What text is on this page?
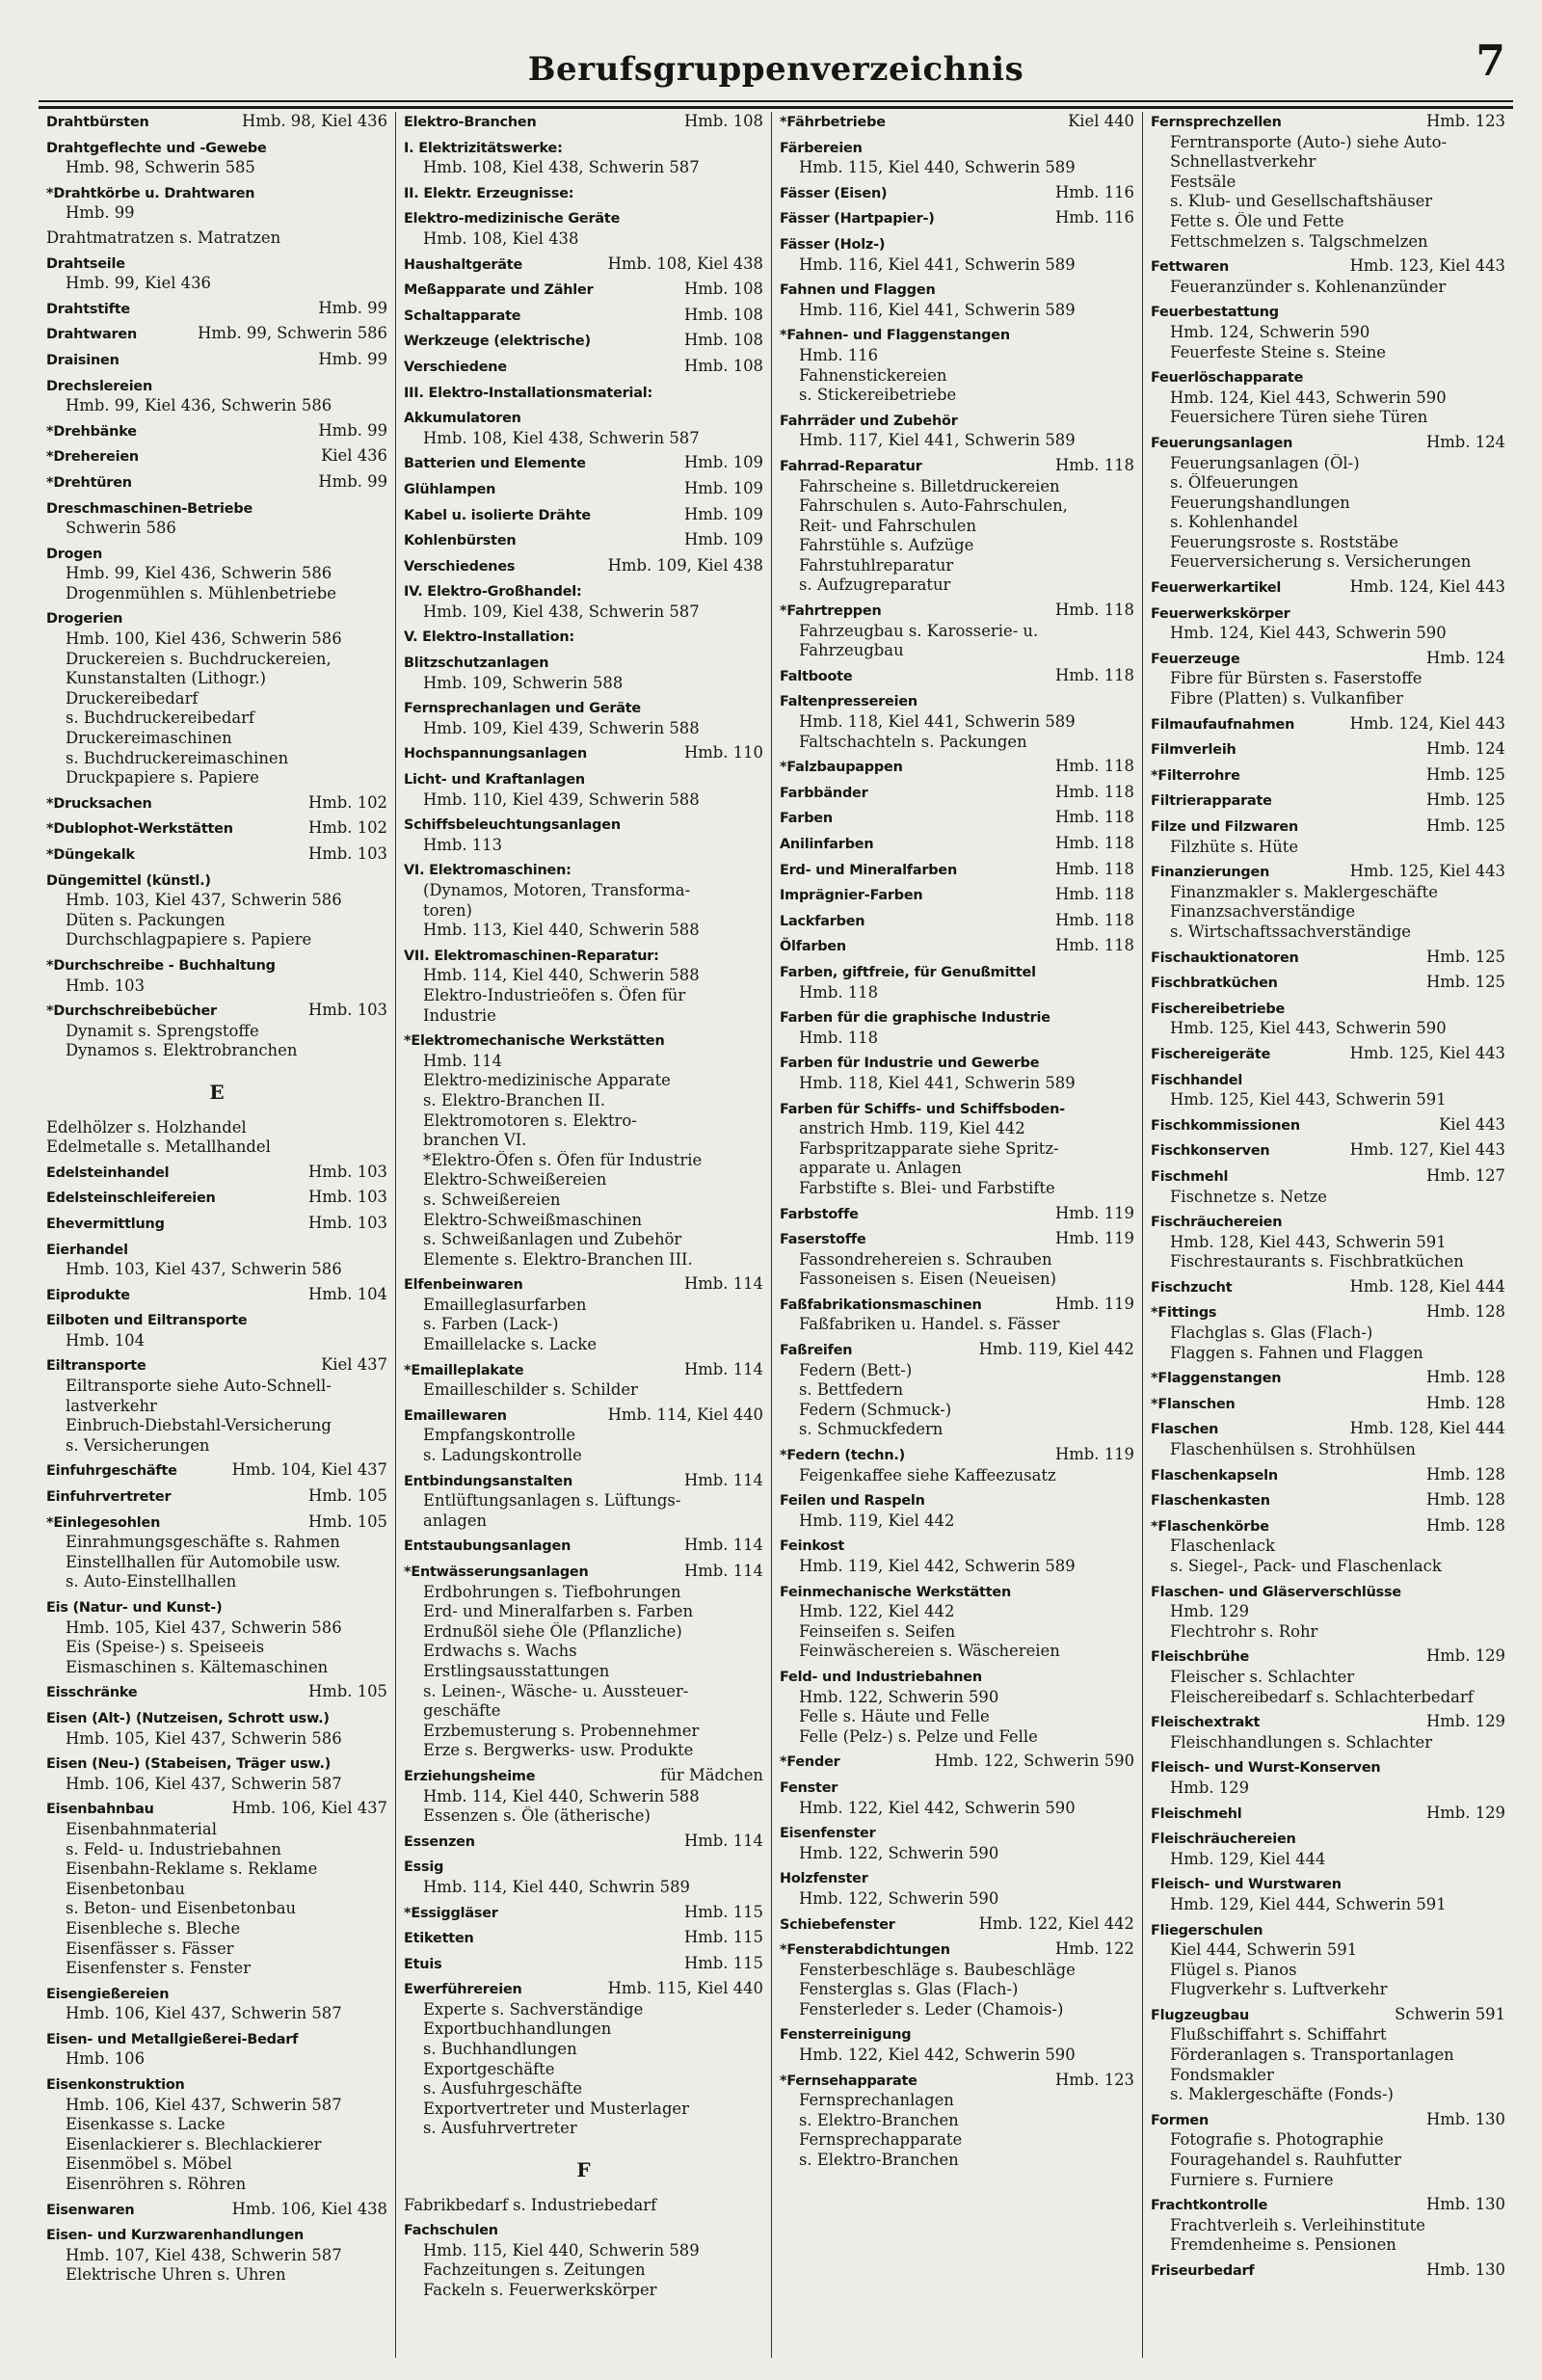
Berufsgruppenverzeichnis	7
Drahtbürsten	Hmb. 98, Kiel 436
Drahtgeflechte und -Gewebe
Hmb. 98, Schwerin 585
*Drahtkörbe u. Drahtwaren
Hmb. 99
Drahtmatratzen s. Matratzen
Drahtseile
Hmb. 99, Kiel 436
Drahtstifte	Hmb. 99
Drahtwaren	Hmb. 99, Schwerin 586
Draisinen	Hmb. 99
Drechslereien
Hmb. 99, Kiel 436, Schwerin 586
*Drehbänke	Hmb. 99
*Drehereien	Kiel 436
*Drehtüren	Hmb. 99
Dreschmaschinen-Betriebe
Schwerin 586
Drogen
Hmb. 99, Kiel 436, Schwerin 586
Drogenmühlen s. Mühlenbetriebe
Drogerien
Hmb. 100, Kiel 436, Schwerin 586
Druckereien s. Buchdruckereien,
Kunstanstalten (Lithogr.)
Druckereibedarf
s. Buchdruckereibedarf
Druckereimaschinen
s. Buchdruckereimaschinen
Druckpapiere s. Papiere
*Drucksachen	Hmb. 102
*Dublophot-Werkstätten	Hmb. 102
*Düngekalk	Hmb. 103
Düngemittel (künstl.)
Hmb. 103, Kiel 437, Schwerin 586
Düten s. Packungen
Durchschlagpapiere s. Papiere
*Durchschreibe - Buchhaltung
Hmb. 103
*Durchschreibebücher	Hmb. 103
Dynamit s. Sprengstoffe
Dynamos s. Elektrobranchen
E
Edelhölzer s. Holzhandel
Edelmetalle s. Metallhandel
Edelsteinhandel	Hmb. 103
Edelsteinschleifereien	Hmb. 103
Ehevermittlung	Hmb. 103
Eierhandel
Hmb. 103, Kiel 437, Schwerin 586
Eiprodukte	Hmb. 104
Eilboten und Eiltransporte
Hmb. 104
Eiltransporte	Kiel 437
Eiltransporte siehe Auto-Schnell-
lastverkehr
Einbruch-Diebstahl-Versicherung
s. Versicherungen
Einfuhrgeschäfte	Hmb. 104, Kiel 437
Einfuhrvertreter	Hmb. 105
*Einlegesohlen	Hmb. 105
Einrahmungsgeschäfte s. Rahmen
Einstellhallen für Automobile usw.
s. Auto-Einstellhallen
Eis (Natur- und Kunst-)
Hmb. 105, Kiel 437, Schwerin 586
Eis (Speise-) s. Speiseeis
Eismaschinen s. Kältemaschinen
Eisschränke	Hmb. 105
Eisen (Alt-) (Nutzeisen, Schrott usw.)
Hmb. 105, Kiel 437, Schwerin 586
Eisen (Neu-) (Stabeisen, Träger usw.)
Hmb. 106, Kiel 437, Schwerin 587
Eisenbahnbau	Hmb. 106, Kiel 437
Eisenbahnmaterial
s. Feld- u. Industriebahnen
Eisenbahn-Reklame s. Reklame
Eisenbetonbau
s. Beton- und Eisenbetonbau
Eisenbleche s. Bleche
Eisenfässer s. Fässer
Eisenfenster s. Fenster
Eisengießereien
Hmb. 106, Kiel 437, Schwerin 587
Eisen- und Metallgießerei-Bedarf
Hmb. 106
Eisenkonstruktion
Hmb. 106, Kiel 437, Schwerin 587
Eisenkasse s. Lacke
Eisenlackierer s. Blechlackierer
Eisenmöbel s. Möbel
Eisenröhren s. Röhren
Eisenwaren	Hmb. 106, Kiel 438
Eisen- und Kurzwarenhandlungen
Hmb. 107, Kiel 438, Schwerin 587
Elektrische Uhren s. Uhren
Elektro-Branchen	Hmb. 108
I. Elektrizitätswerke:
Hmb. 108, Kiel 438, Schwerin 587
II. Elektr. Erzeugnisse:
Elektro-medizinische Geräte
Hmb. 108, Kiel 438
Haushaltgeräte	Hmb. 108, Kiel 438
Meßapparate und Zähler	Hmb. 108
Schaltapparate	Hmb. 108
Werkzeuge (elektrische)	Hmb. 108
Verschiedene	Hmb. 108
III. Elektro-Installationsmaterial:
Akkumulatoren
Hmb. 108, Kiel 438, Schwerin 587
Batterien und Elemente	Hmb. 109
Glühlampen	Hmb. 109
Kabel u. isolierte Drähte	Hmb. 109
Kohlenbürsten	Hmb. 109
Verschiedenes	Hmb. 109, Kiel 438
IV. Elektro-Großhandel:
Hmb. 109, Kiel 438, Schwerin 587
V. Elektro-Installation:
Blitzschutzanlagen
Hmb. 109, Schwerin 588
Fernsprechanlagen und Geräte
Hmb. 109, Kiel 439, Schwerin 588
Hochspannungsanlagen	Hmb. 110
Licht- und Kraftanlagen
Hmb. 110, Kiel 439, Schwerin 588
Schiffsbeleuchtungsanlagen
Hmb. 113
VI. Elektromaschinen:
(Dynamos, Motoren, Transforma-
toren)
Hmb. 113, Kiel 440, Schwerin 588
VII. Elektromaschinen-Reparatur:
Hmb. 114, Kiel 440, Schwerin 588
Elektro-Industrieöfen s. Öfen für
Industrie
*Elektromechanische Werkstätten
Hmb. 114
Elektro-medizinische Apparate
s. Elektro-Branchen II.
Elektromotoren s. Elektro-
branchen VI.
*Elektro-Öfen s. Öfen für Industrie
Elektro-Schweißereien
s. Schweißereien
Elektro-Schweißmaschinen
s. Schweißanlagen und Zubehör
Elemente s. Elektro-Branchen III.
Elfenbeinwaren	Hmb. 114
Emailleglasurfarben
s. Farben (Lack-)
Emaillelacke s. Lacke
*Emailleplakate	Hmb. 114
Emailleschilder s. Schilder
Emaillewaren	Hmb. 114, Kiel 440
Empfangskontrolle
s. Ladungskontrolle
Entbindungsanstalten	Hmb. 114
Entlüftungsanlagen s. Lüftungs-
anlagen
Entstaubungsanlagen	Hmb. 114
*Entwässerungsanlagen	Hmb. 114
Erdbohrungen s. Tiefbohrungen
Erd- und Mineralfarben s. Farben
Erdnußöl siehe Öle (Pflanzliche)
Erdwachs s. Wachs
Erstlingsausstattungen
s. Leinen-, Wäsche- u. Aussteuer-
geschäfte
Erzbemusterung s. Probennehmer
Erze s. Bergwerks- usw. Produkte
Erziehungsheime	für Mädchen
Hmb. 114, Kiel 440, Schwerin 588
Essenzen s. Öle (ätherische)
Essenzen	Hmb. 114
Essig
Hmb. 114, Kiel 440, Schwrin 589
*Essiggläser	Hmb. 115
Etiketten	Hmb. 115
Etuis	Hmb. 115
Ewerführereien	Hmb. 115, Kiel 440
Experte s. Sachverständige
Exportbuchhandlungen
s. Buchhandlungen
Exportgeschäfte
s. Ausfuhrgeschäfte
Exportvertreter und Musterlager
s. Ausfuhrvertreter
F
Fabrikbedarf s. Industriebedarf
Fachschulen
Hmb. 115, Kiel 440, Schwerin 589
Fachzeitungen s. Zeitungen
Fackeln s. Feuerwerkskörper
*Fährbetriebe	Kiel 440
Färbereien
Hmb. 115, Kiel 440, Schwerin 589
Fässer (Eisen)	Hmb. 116
Fässer (Hartpapier-)	Hmb. 116
Fässer (Holz-)
Hmb. 116, Kiel 441, Schwerin 589
Fahnen und Flaggen
Hmb. 116, Kiel 441, Schwerin 589
*Fahnen- und Flaggenstangen
Hmb. 116
Fahnenstickereien
s. Stickereibetriebe
Fahrräder und Zubehör
Hmb. 117, Kiel 441, Schwerin 589
Fahrrad-Reparatur	Hmb. 118
Fahrscheine s. Billetdruckereien
Fahrschulen s. Auto-Fahrschulen,
Reit- und Fahrschulen
Fahrstühle s. Aufzüge
Fahrstuhlreparatur
s. Aufzugreparatur
*Fahrtreppen	Hmb. 118
Fahrzeugbau s. Karosserie- u.
Fahrzeugbau
Faltboote	Hmb. 118
Faltenpressereien
Hmb. 118, Kiel 441, Schwerin 589
Faltschachteln s. Packungen
*Falzbaupappen	Hmb. 118
Farbbänder	Hmb. 118
Farben	Hmb. 118
Anilinfarben	Hmb. 118
Erd- und Mineralfarben	Hmb. 118
Imprägnier-Farben	Hmb. 118
Lackfarben	Hmb. 118
Ölfarben	Hmb. 118
Farben, giftfreie, für Genußmittel
Hmb. 118
Farben für die graphische Industrie
Hmb. 118
Farben für Industrie und Gewerbe
Hmb. 118, Kiel 441, Schwerin 589
Farben für Schiffs- und Schiffsboden-
anstrich Hmb. 119, Kiel 442
Farbspritzapparate siehe Spritz-
apparate u. Anlagen
Farbstifte s. Blei- und Farbstifte
Farbstoffe	Hmb. 119
Faserstoffe	Hmb. 119
Fassondrehereien s. Schrauben
Fassoneisen s. Eisen (Neueisen)
Faßfabrikationsmaschinen	Hmb. 119
Faßfabriken u. Handel. s. Fässer
Faßreifen	Hmb. 119, Kiel 442
Federn (Bett-)
s. Bettfedern
Federn (Schmuck-)
s. Schmuckfedern
*Federn (techn.)	Hmb. 119
Feigenkaffee siehe Kaffeezusatz
Feilen und Raspeln
Hmb. 119, Kiel 442
Feinkost
Hmb. 119, Kiel 442, Schwerin 589
Feinmechanische Werkstätten
Hmb. 122, Kiel 442
Feinseifen s. Seifen
Feinwäschereien s. Wäschereien
Feld- und Industriebahnen
Hmb. 122, Schwerin 590
Felle s. Häute und Felle
Felle (Pelz-) s. Pelze und Felle
*Fender	Hmb. 122, Schwerin 590
Fenster
Hmb. 122, Kiel 442, Schwerin 590
Eisenfenster
Hmb. 122, Schwerin 590
Holzfenster
Hmb. 122, Schwerin 590
Schiebefenster	Hmb. 122, Kiel 442
*Fensterabdichtungen	Hmb. 122
Fensterbeschläge s. Baubeschläge
Fensterglas s. Glas (Flach-)
Fensterleder s. Leder (Chamois-)
Fensterreinigung
Hmb. 122, Kiel 442, Schwerin 590
*Fernsehapparate	Hmb. 123
Fernsprechanlagen
s. Elektro-Branchen
Fernsprechapparate
s. Elektro-Branchen
Fernsprechzellen	Hmb. 123
Ferntransporte (Auto-) siehe Auto-
Schnellastverkehr
Festsäle
s. Klub- und Gesellschaftshäuser
Fette s. Öle und Fette
Fettschmelzen s. Talgschmelzen
Fettwaren	Hmb. 123, Kiel 443
Feueranzünder s. Kohlenanzünder
Feuerbestattung
Hmb. 124, Schwerin 590
Feuerfeste Steine s. Steine
Feuerlöschapparate
Hmb. 124, Kiel 443, Schwerin 590
Feuersichere Türen siehe Türen
Feuerungsanlagen	Hmb. 124
Feuerungsanlagen (Öl-)
s. Ölfeuerungen
Feuerungshandlungen
s. Kohlenhandel
Feuerungsroste s. Roststäbe
Feuerversicherung s. Versicherungen
Feuerwerkartikel	Hmb. 124, Kiel 443
Feuerwerkskörper
Hmb. 124, Kiel 443, Schwerin 590
Feuerzeuge	Hmb. 124
Fibre für Bürsten s. Faserstoffe
Fibre (Platten) s. Vulkanfiber
Filmaufaufnahmen	Hmb. 124, Kiel 443
Filmverleih	Hmb. 124
*Filterrohre	Hmb. 125
Filtrierapparate	Hmb. 125
Filze und Filzwaren	Hmb. 125
Filzhüte s. Hüte
Finanzierungen	Hmb. 125, Kiel 443
Finanzmakler s. Maklergeschäfte
Finanzsachverständige
s. Wirtschaftssachverständige
Fischauktionatoren	Hmb. 125
Fischbratküchen	Hmb. 125
Fischereibetriebe
Hmb. 125, Kiel 443, Schwerin 590
Fischereigeräte	Hmb. 125, Kiel 443
Fischhandel
Hmb. 125, Kiel 443, Schwerin 591
Fischkommissionen	Kiel 443
Fischkonserven	Hmb. 127, Kiel 443
Fischmehl	Hmb. 127
Fischnetze s. Netze
Fischräuchereien
Hmb. 128, Kiel 443, Schwerin 591
Fischrestaurants s. Fischbratküchen
Fischzucht	Hmb. 128, Kiel 444
*Fittings	Hmb. 128
Flachglas s. Glas (Flach-)
Flaggen s. Fahnen und Flaggen
*Flaggenstangen	Hmb. 128
*Flanschen	Hmb. 128
Flaschen	Hmb. 128, Kiel 444
Flaschenhülsen s. Strohhülsen
Flaschenkapseln	Hmb. 128
Flaschenkasten	Hmb. 128
*Flaschenkörbe	Hmb. 128
Flaschenlack
s. Siegel-, Pack- und Flaschenlack
Flaschen- und Gläserverschlüsse
Hmb. 129
Flechtrohr s. Rohr
Fleischbrühe	Hmb. 129
Fleischer s. Schlachter
Fleischereibedarf s. Schlachterbedarf
Fleischextrakt	Hmb. 129
Fleischhandlungen s. Schlachter
Fleisch- und Wurst-Konserven
Hmb. 129
Fleischmehl	Hmb. 129
Fleischräuchereien
Hmb. 129, Kiel 444
Fleisch- und Wurstwaren
Hmb. 129, Kiel 444, Schwerin 591
Fliegerschulen
Kiel 444, Schwerin 591
Flügel s. Pianos
Flugverkehr s. Luftverkehr
Flugzeugbau	Schwerin 591
Flußschiffahrt s. Schiffahrt
Förderanlagen s. Transportanlagen
Fondsmakler
s. Maklergeschäfte (Fonds-)
Formen	Hmb. 130
Fotografie s. Photographie
Fouragehandel s. Rauhfutter
Furniere s. Furniere
Frachtkontrolle	Hmb. 130
Frachtverleih s. Verleihinstitute
Fremdenheime s. Pensionen
Friseurbedarf	Hmb. 130
